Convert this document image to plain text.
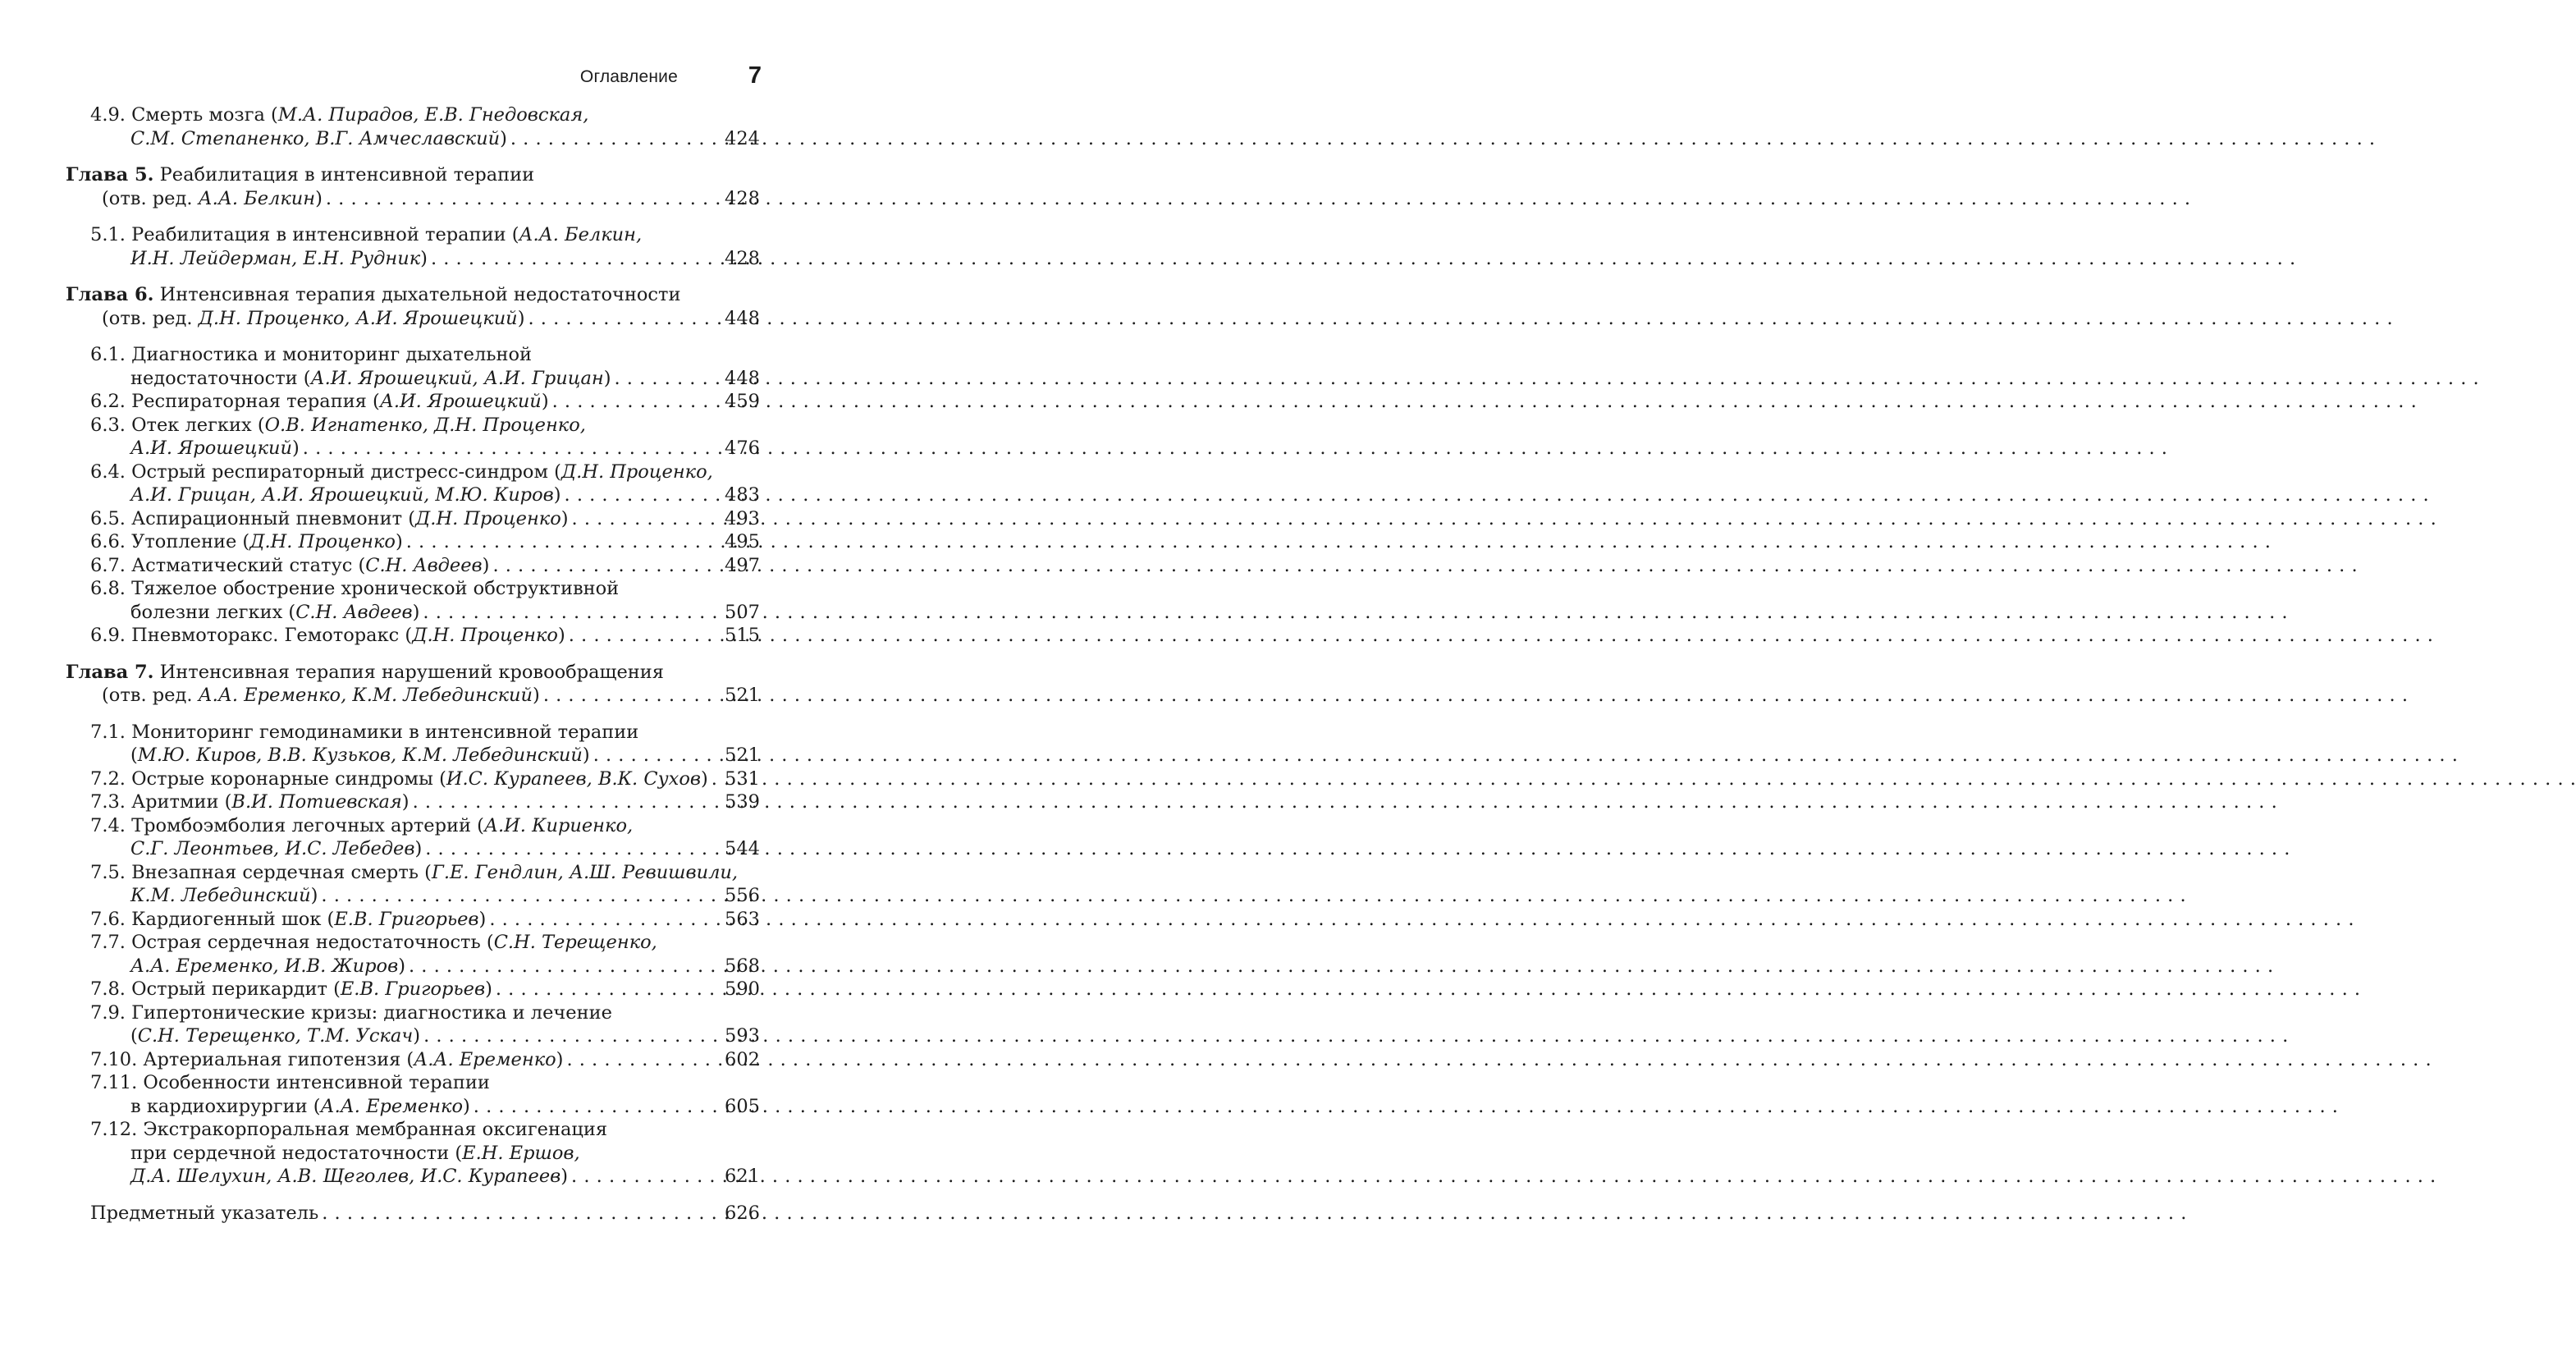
Оглавление	7
4.9. Смерть мозга (М.А. Пирадов, Е.В. Гнедовская,
С.М. Степаненко, В.Г. Амчеславский) . . .	424
Глава 5. Реабилитация в интенсивной терапии
(отв. ред. А.А. Белкин) . . .	428
5.1. Реабилитация в интенсивной терапии (А.А. Белкин,
И.Н. Лейдерман, Е.Н. Рудник) . . .	428
Глава 6. Интенсивная терапия дыхательной недостаточности
(отв. ред. Д.Н. Проценко, А.И. Ярошецкий) . . .	448
6.1. Диагностика и мониторинг дыхательной
недостаточности (А.И. Ярошецкий, А.И. Грицан) . . .	448
6.2. Респираторная терапия (А.И. Ярошецкий) . . .	459
6.3. Отек легких (О.В. Игнатенко, Д.Н. Проценко,
А.И. Ярошецкий) . . .	476
6.4. Острый респираторный дистресс-синдром (Д.Н. Проценко,
А.И. Грицан, А.И. Ярошецкий, М.Ю. Киров) . . .	483
6.5. Аспирационный пневмонит (Д.Н. Проценко) . . .	493
6.6. Утопление (Д.Н. Проценко) . . .	495
6.7. Астматический статус (С.Н. Авдеев) . . .	497
6.8. Тяжелое обострение хронической обструктивной
болезни легких (С.Н. Авдеев) . . .	507
6.9. Пневмоторакс. Гемоторакс (Д.Н. Проценко) . . .	515
Глава 7. Интенсивная терапия нарушений кровообращения
(отв. ред. А.А. Еременко, К.М. Лебединский) . . .	521
7.1. Мониторинг гемодинамики в интенсивной терапии
(М.Ю. Киров, В.В. Кузьков, К.М. Лебединский) . . .	521
7.2. Острые коронарные синдромы (И.С. Курапеев, В.К. Сухов) . . . 531
7.3. Аритмии (В.И. Потиевская) . . .	539
7.4. Тромбоэмболия легочных артерий (А.И. Кириенко,
С.Г. Леонтьев, И.С. Лебедев) . . .	544
7.5. Внезапная сердечная смерть (Г.Е. Гендлин, А.Ш. Ревишвили,
К.М. Лебединский) . . .	556
7.6. Кардиогенный шок (Е.В. Григорьев) . . .	563
7.7. Острая сердечная недостаточность (С.Н. Терещенко,
А.А. Еременко, И.В. Жиров) . . .	568
7.8. Острый перикардит (Е.В. Григорьев) . . .	590
7.9. Гипертонические кризы: диагностика и лечение
(С.Н. Терещенко, Т.М. Ускач) . . .	593
7.10. Артериальная гипотензия (А.А. Еременко) . . .	602
7.11. Особенности интенсивной терапии
в кардиохирургии (А.А. Еременко) . . .	605
7.12. Экстракорпоральная мембранная оксигенация
при сердечной недостаточности (Е.Н. Ершов,
Д.А. Шелухин, А.В. Щеголев, И.С. Курапеев) . . .	621
Предметный указатель . . .	626
